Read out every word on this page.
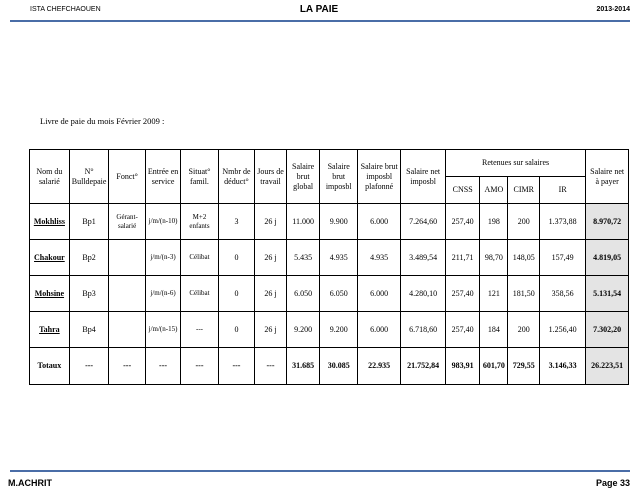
ISTA CHEFCHAOUEN	LA PAIE	2013-2014
Livre de paie du mois Février 2009 :
Nom du salarié	N° Bulldepaie	Fonct°	Entrée en service	Situat° famil.	Nmbr de déduct°	Jours de travail	Salaire brut global	Salaire brut imposbl	Salaire brut imposbl plafonné	Salaire net imposbl	Retenues sur salaires				Salaire net à payer
											CNSS	AMO	CIMR	IR	
Mokhliss	Bp1	Gérant-salarié	j/m/(n-10)	M+2 enfants	3	26 j	11.000	9.900	6.000	7.264,60	257,40	198	200	1.373,88	8.970,72
Chakour	Bp2		j/m/(n-3)	Célibat	0	26 j	5.435	4.935	4.935	3.489,54	211,71	98,70	148,05	157,49	4.819,05
Mohsine	Bp3		j/m/(n-6)	Célibat	0	26 j	6.050	6.050	6.000	4.280,10	257,40	121	181,50	358,56	5.131,54
Tahra	Bp4		j/m/(n-15)	---	0	26 j	9.200	9.200	6.000	6.718,60	257,40	184	200	1.256,40	7.302,20
Totaux	---	---	---	---	---	---	31.685	30.085	22.935	21.752,84	983,91	601,70	729,55	3.146,33	26.223,51
M.ACHRIT	Page 33
